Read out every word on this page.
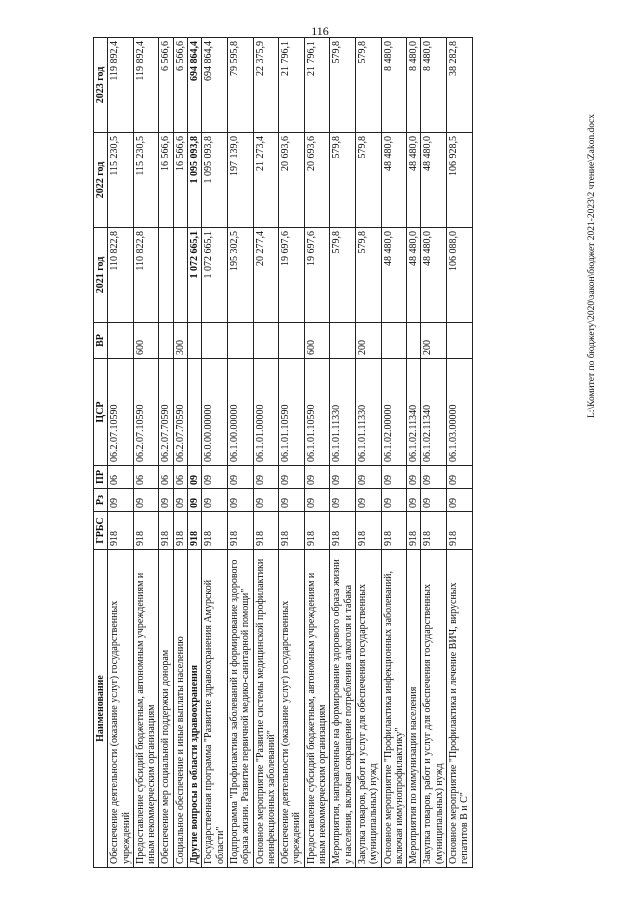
116
Наименование	ГРБС	Рз	ПР	ЦСР	ВР	2021 год	2022 год	2023 год
Обеспечение деятельности (оказание услуг) государственных учреждений	918	09	06	06.2.07.10590		110 822,8	115 230,5	119 892,4
Предоставление субсидий бюджетным, автономным учреждениям и иным некоммерческим организациям	918	09	06	06.2.07.10590	600	110 822,8	115 230,5	119 892,4
Обеспечение мер социальной поддержки донорам	918	09	06	06.2.07.70590			16 566,6	6 566,6
Социальное обеспечение и иные выплаты населению	918	09	06	06.2.07.70590	300		16 566,6	6 566,6
Другие вопросы в области здравоохранения	918	09	09			1 072 665,1	1 095 093,8	694 864,4
Государственная программа "Развитие здравоохранения Амурской области"	918	09	09	06.0.00.00000		1 072 665,1	1 095 093,8	694 864,4
Подпрограмма "Профилактика заболеваний и формирование здорового образа жизни. Развитие первичной медико-санитарной помощи"	918	09	09	06.1.00.00000		195 302,5	197 139,0	79 595,8
Основное мероприятие "Развитие системы медицинской профилактики неинфекционных заболеваний"	918	09	09	06.1.01.00000		20 277,4	21 273,4	22 375,9
Обеспечение деятельности (оказание услуг) государственных учреждений	918	09	09	06.1.01.10590		19 697,6	20 693,6	21 796,1
Предоставление субсидий бюджетным, автономным учреждениям и иным некоммерческим организациям	918	09	09	06.1.01.10590	600	19 697,6	20 693,6	21 796,1
Мероприятия, направленные на формирование здорового образа жизни у населения, включая сокращение потребления алкоголя и табака	918	09	09	06.1.01.11330		579,8	579,8	579,8
Закупка товаров, работ и услуг для обеспечения государственных (муниципальных) нужд	918	09	09	06.1.01.11330	200	579,8	579,8	579,8
Основное мероприятие "Профилактика инфекционных заболеваний, включая иммунопрофилактику"	918	09	09	06.1.02.00000		48 480,0	48 480,0	8 480,0
Мероприятия по иммунизации населения	918	09	09	06.1.02.11340		48 480,0	48 480,0	8 480,0
Закупка товаров, работ и услуг для обеспечения государственных (муниципальных) нужд	918	09	09	06.1.02.11340	200	48 480,0	48 480,0	8 480,0
Основное мероприятие "Профилактика и лечение ВИЧ, вирусных гепатитов В и С"	918	09	09	06.1.03.00000		106 088,0	106 928,5	38 282,8
L:\Комитет по бюджету\2020\закон\бюджет 2021-2023\2 чтение\Zakon.docx
